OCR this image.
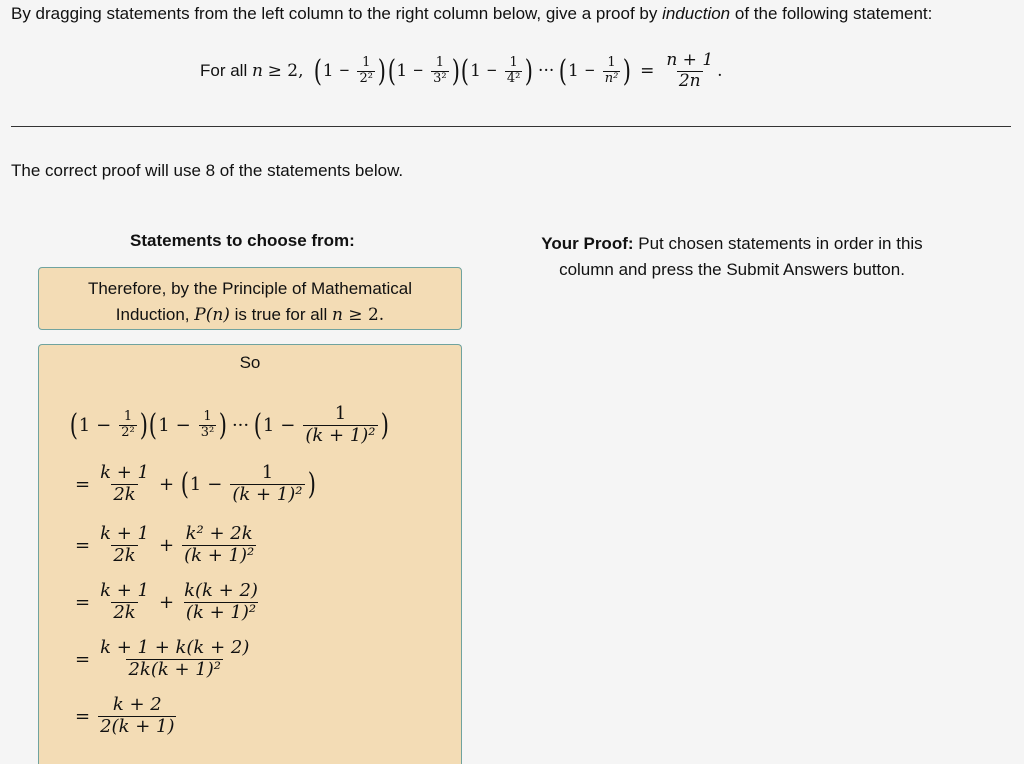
By dragging statements from the left column to the right column below, give a proof by induction of the following statement:
For all
n
≥ 2,
( $1 - \frac{1}{\text{2²}}$ ) ( $1 - \frac{1}{\text{3²}}$ ) ( $1 - \frac{1}{\text{4²}}$ ) ··· ( $1 - \frac{1}{\text{n²}}$ ) = $\frac{n + 1}{2n}$ .
The correct proof will use 8 of the statements below.
Statements to choose from:	Your Proof: Put chosen statements in order in this column and press the Submit Answers button.
Therefore, by the Principle of Mathematical
Induction, P(n) is true for all n ≥ 2.
So
( $1 - \frac{1}{\text{2²}}$ ) ( $1 - \frac{1}{\text{3²}}$ ) ··· ( $1 - \frac{1}{\text{(k + 1)²}}$ )
= $\frac{k + 1}{2k}$ + ( $1 - \frac{1}{\text{(k + 1)²}}$ )
= $\frac{k + 1}{2k} + \frac{\text{k² + 2k}}{\text{(k + 1)²}}$
= $\frac{k + 1}{2k} + \frac{k(k + 2)}{\text{(k + 1)²}}$
= $\frac{k + 1 + k(k + 2)}{\text{2k(k + 1)²}}$
= $\frac{k + 2}{2(k + 1)}$
